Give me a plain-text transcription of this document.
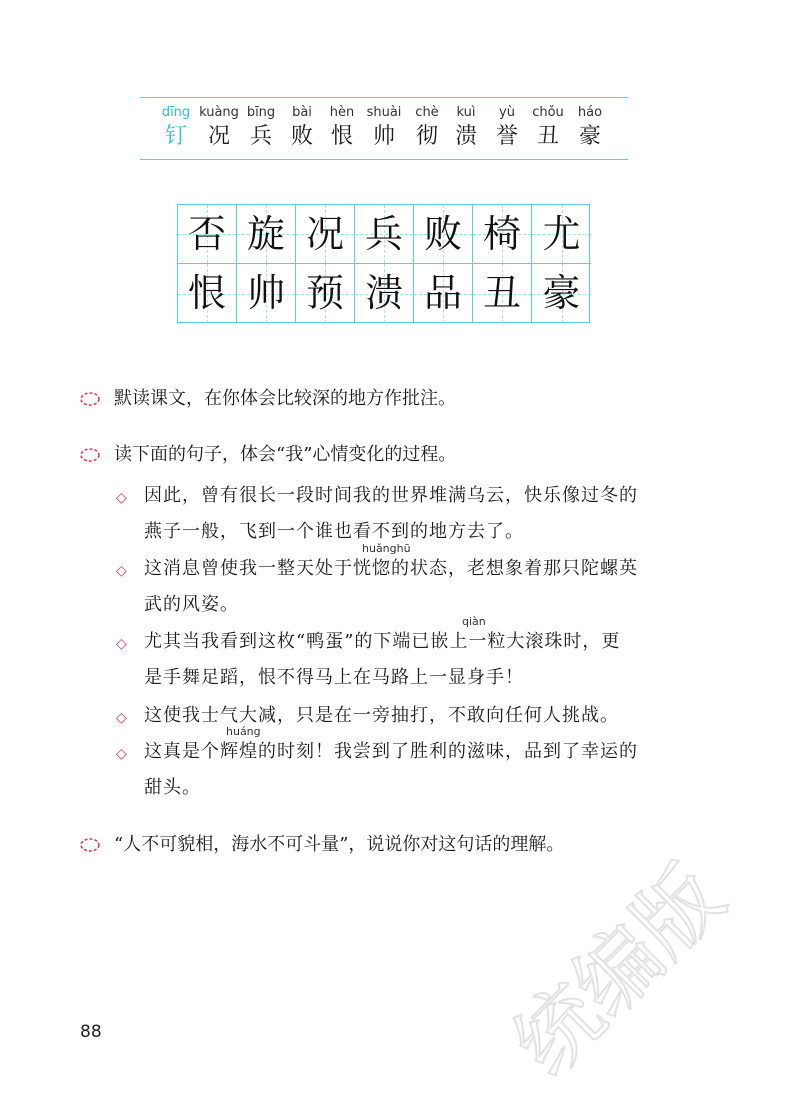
dīng
钉
kuàng
况
bīng
兵
bài
败
hèn
恨
shuài
帅
chè
彻
kuì
溃
yù
誉
chǒu
丑
háo
豪
否 旋 况 兵 败 椅 尤
恨 帅 预 溃 品 丑 豪
默读课文，在你体会比较深的地方作批注。
读下面的句子，体会“我”心情变化的过程。
◇ 因此，曾有很长一段时间我的世界堆满乌云，快乐像过冬的
燕子一般，飞到一个谁也看不到的地方去了。
huǎnghū
◇ 这消息曾使我一整天处于恍惚的状态，老想象着那只陀螺英
武的风姿。
qiàn
◇ 尤其当我看到这枚“鸭蛋”的下端已嵌上一粒大滚珠时，更
是手舞足蹈，恨不得马上在马路上一显身手！
◇ 这使我士气大减，只是在一旁抽打，不敢向任何人挑战。
huáng
◇ 这真是个辉煌的时刻！我尝到了胜利的滋味，品到了幸运的
甜头。
“人不可貌相，海水不可斗量”，说说你对这句话的理解。
统编版
88
